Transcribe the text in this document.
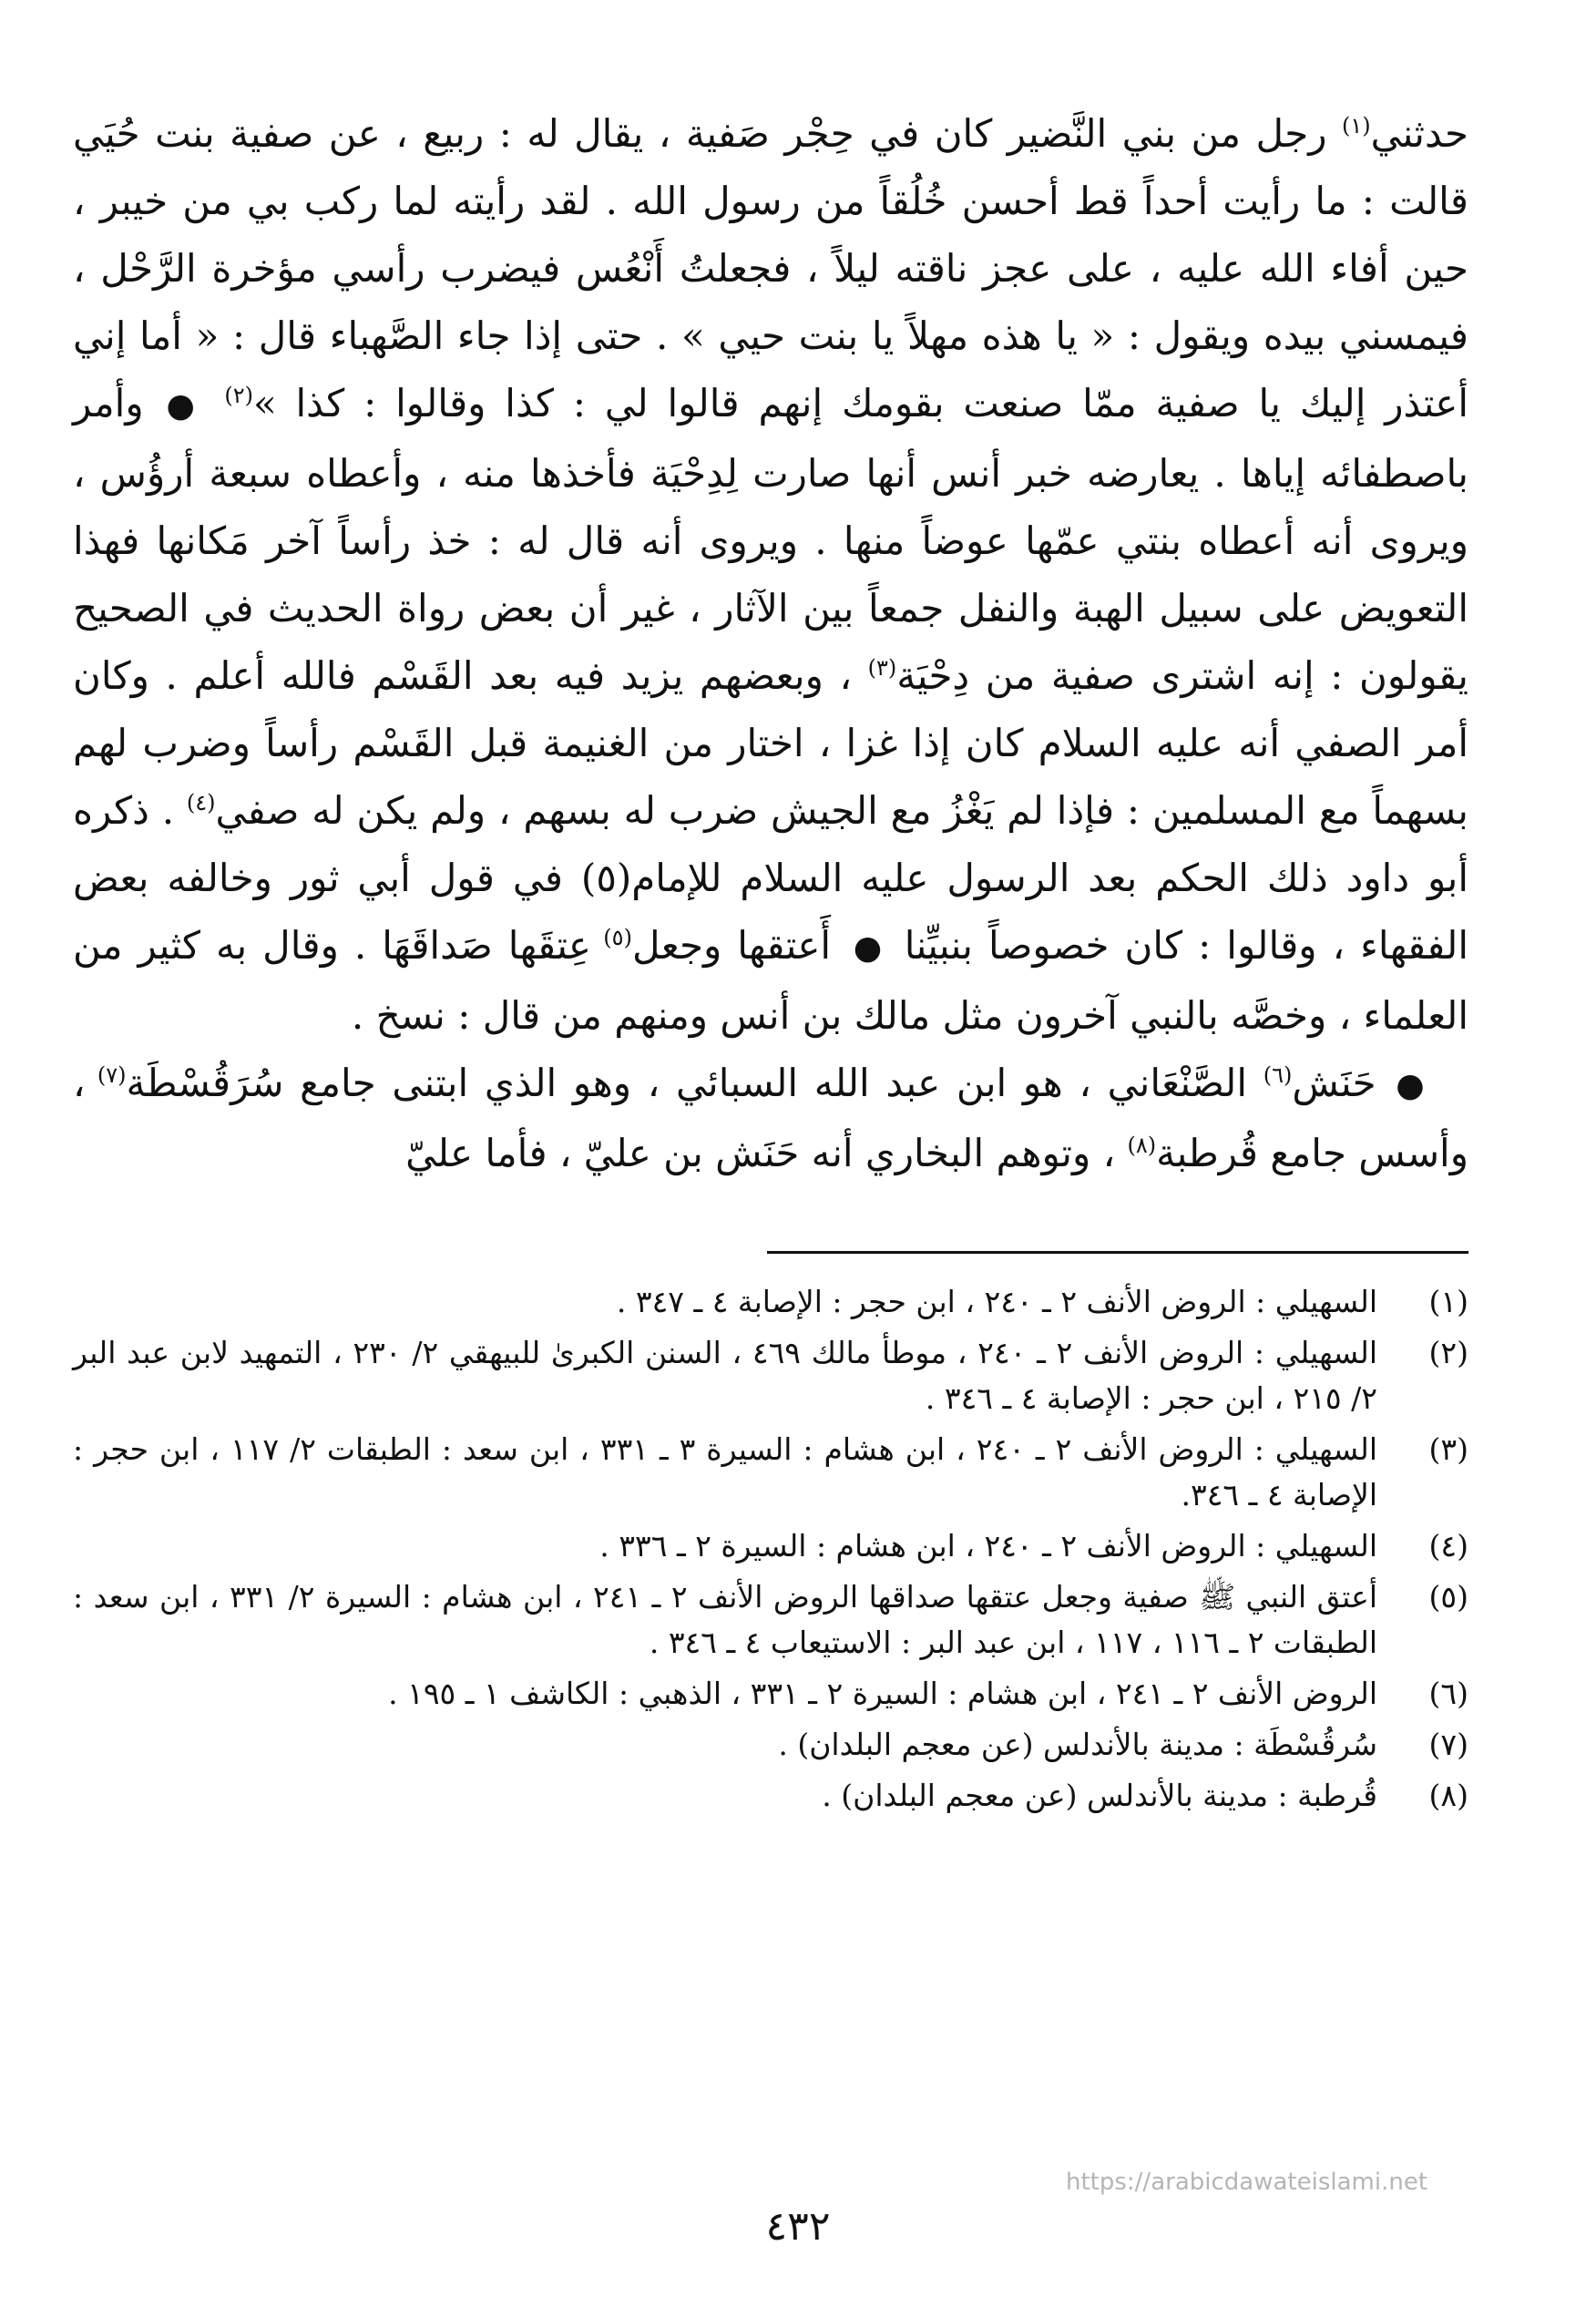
حدثني$^{(١)}$ رجل من بني النَّضير كان في حِجْر صَفية ، يقال له : ربيع ، عن صفية بنت حُيَي قالت : ما رأيت أحداً قط أحسن خُلُقاً من رسول الله . لقد رأيته لما ركب بي من خيبر ، حين أفاء الله عليه ، على عجز ناقته ليلاً ، فجعلتُ أَنْعُس فيضرب رأسي مؤخرة الرَّحْل ، فيمسني بيده ويقول : « يا هذه مهلاً يا بنت حيي » . حتى إذا جاء الصَّهباء قال : « أما إني أعتذر إليك يا صفية ممّا صنعت بقومك إنهم قالوا لي : كذا وقالوا : كذا »$^{(٢)}$ ● وأمر باصطفائه إياها . يعارضه خبر أنس أنها صارت لِدِحْيَة فأخذها منه ، وأعطاه سبعة أرؤُس ، ويروى أنه أعطاه بنتي عمّها عوضاً منها . ويروى أنه قال له : خذ رأساً آخر مَكانها فهذا التعويض على سبيل الهبة والنفل جمعاً بين الآثار ، غير أن بعض رواة الحديث في الصحيح يقولون : إنه اشترى صفية من دِحْيَة$^{(٣)}$ ، وبعضهم يزيد فيه بعد القَسْم فالله أعلم . وكان أمر الصفي أنه عليه السلام كان إذا غزا ، اختار من الغنيمة قبل القَسْم رأساً وضرب لهم بسهماً مع المسلمين : فإذا لم يَغْزُ مع الجيش ضرب له بسهم ، ولم يكن له صفي$^{(٤)}$ . ذكره أبو داود ذلك الحكم بعد الرسول عليه السلام للإمام(٥) في قول أبي ثور وخالفه بعض الفقهاء ، وقالوا : كان خصوصاً بنبيِّنا ● أَعتقها وجعل$^{(٥)}$ عِتقَها صَداقَهَا . وقال به كثير من العلماء ، وخصَّه بالنبي آخرون مثل مالك بن أنس ومنهم من قال : نسخ .

● حَنَش$^{(٦)}$ الصَّنْعَاني ، هو ابن عبد الله السبائي ، وهو الذي ابتنى جامع سُرَقُسْطَة$^{(٧)}$ ، وأسس جامع قُرطبة$^{(٨)}$ ، وتوهم البخاري أنه حَنَش بن عليّ ، فأما عليّ

(١)
السهيلي : الروض الأنف ٢ ـ ٢٤٠ ، ابن حجر : الإصابة ٤ ـ ٣٤٧ .
(٢)
السهيلي : الروض الأنف ٢ ـ ٢٤٠ ، موطأ مالك ٤٦٩ ، السنن الكبرىٰ للبيهقي ٢/ ٢٣٠ ، التمهيد لابن عبد البر ٢/ ٢١٥ ، ابن حجر : الإصابة ٤ ـ ٣٤٦ .
(٣)
السهيلي : الروض الأنف ٢ ـ ٢٤٠ ، ابن هشام : السيرة ٣ ـ ٣٣١ ، ابن سعد : الطبقات ٢/ ١١٧ ، ابن حجر : الإصابة ٤ ـ ٣٤٦.
(٤)
السهيلي : الروض الأنف ٢ ـ ٢٤٠ ، ابن هشام : السيرة ٢ ـ ٣٣٦ .
(٥)
أعتق النبي ﷺ صفية وجعل عتقها صداقها الروض الأنف ٢ ـ ٢٤١ ، ابن هشام : السيرة ٢/ ٣٣١ ، ابن سعد : الطبقات ٢ ـ ١١٦ ، ١١٧ ، ابن عبد البر : الاستيعاب ٤ ـ ٣٤٦ .
(٦)
الروض الأنف ٢ ـ ٢٤١ ، ابن هشام : السيرة ٢ ـ ٣٣١ ، الذهبي : الكاشف ١ ـ ١٩٥ .
(٧)
سُرقُسْطَة : مدينة بالأندلس (عن معجم البلدان) .
(٨)
قُرطبة : مدينة بالأندلس (عن معجم البلدان) .
https://arabicdawateislami.net
٤٣٢
